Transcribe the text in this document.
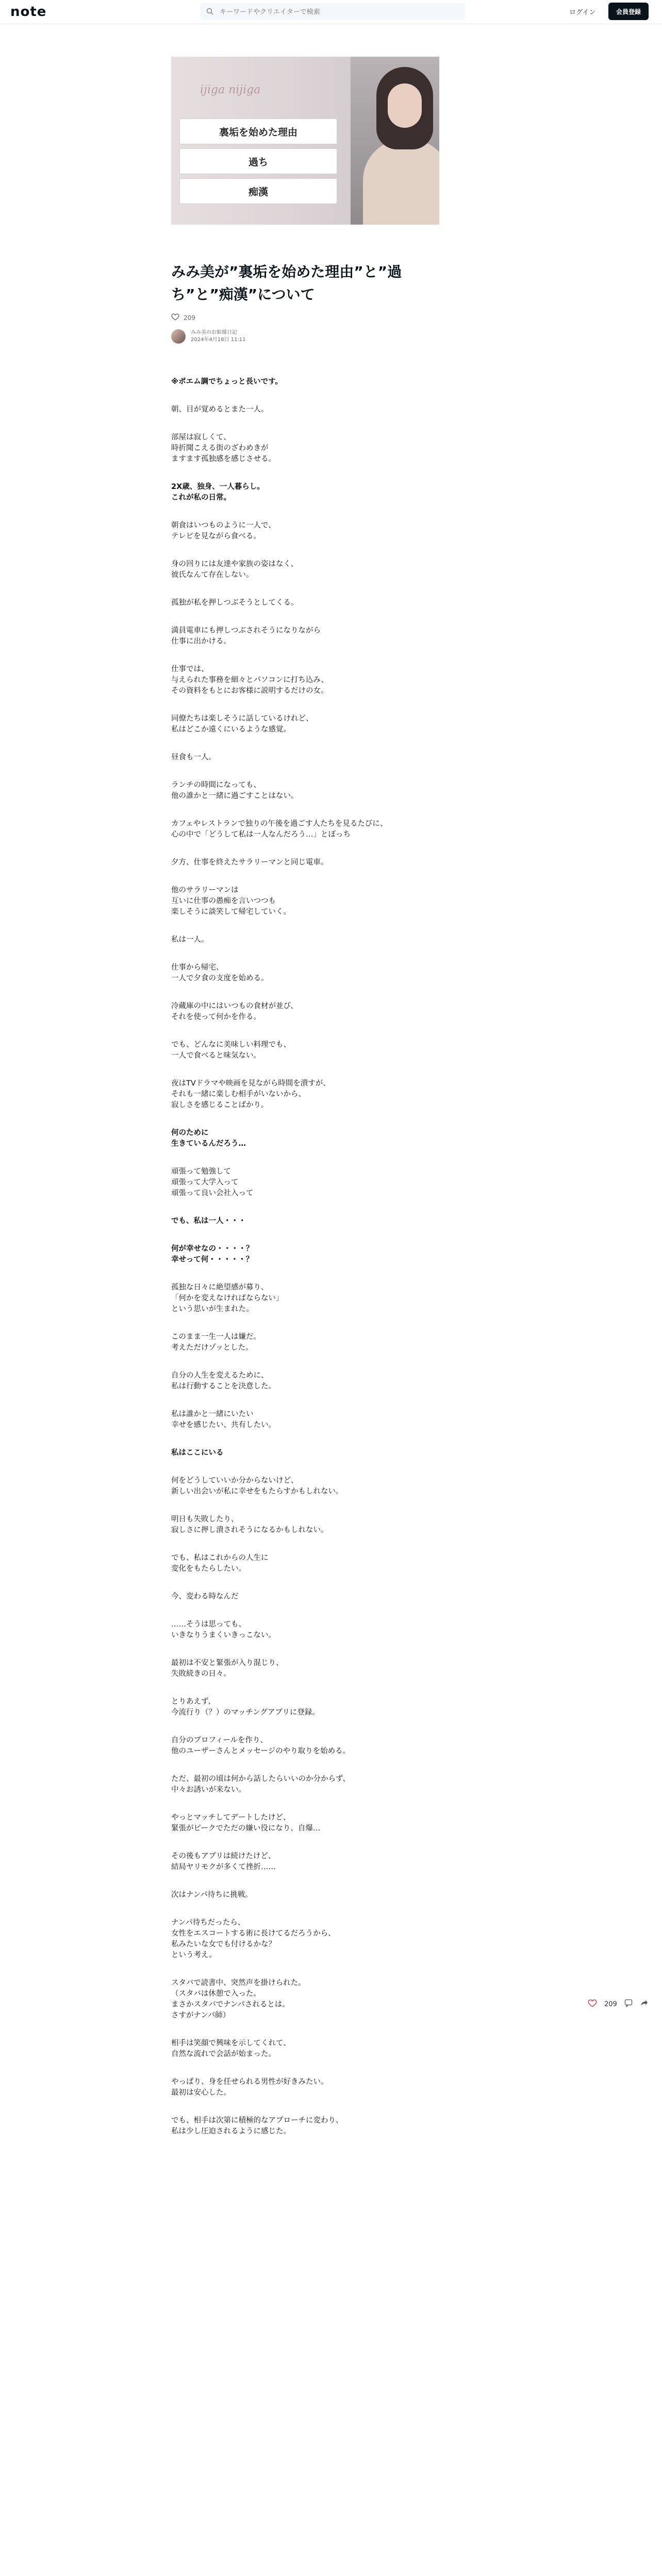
note
キーワードやクリエイターで検索	ログイン	会員登録
ijiga nijiga
裏垢を始めた理由
過ち
痴漢
みみ美が”裏垢を始めた理由”と”過ち”と”痴漢”について
209
みみ美のお姫様日記
2024年4月18日 11:11

※ポエム調でちょっと長いです。

朝、目が覚めるとまた一人。

部屋は寂しくて、
時折聞こえる街のざわめきが
ますます孤独感を感じさせる。

2X歳、独身、一人暮らし。
これが私の日常。

朝食はいつものように一人で、
テレビを見ながら食べる。

身の回りには友達や家族の姿はなく、
彼氏なんて存在しない。

孤独が私を押しつぶそうとしてくる。

満員電車にも押しつぶされそうになりながら
仕事に出かける。

仕事では、
与えられた事務を細々とパソコンに打ち込み、
その資料をもとにお客様に説明するだけの女。

同僚たちは楽しそうに話しているけれど、
私はどこか遠くにいるような感覚。

昼食も一人。

ランチの時間になっても、
他の誰かと一緒に過ごすことはない。

カフェやレストランで独りの午後を過ごす人たちを見るたびに、
心の中で「どうして私は一人なんだろう…」とぼっち

夕方、仕事を終えたサラリーマンと同じ電車。

他のサラリーマンは
互いに仕事の愚痴を言いつつも
楽しそうに談笑して帰宅していく。

私は一人。

仕事から帰宅、
一人で夕食の支度を始める。

冷蔵庫の中にはいつもの食材が並び、
それを使って何かを作る。

でも、どんなに美味しい料理でも、
一人で食べると味気ない。

夜はTVドラマや映画を見ながら時間を潰すが、
それも一緒に楽しむ相手がいないから、
寂しさを感じることばかり。

何のために
生きているんだろう…

頑張って勉強して
頑張って大学入って
頑張って良い会社入って

でも、私は一人・・・

何が幸せなの・・・・？
幸せって何・・・・・？

孤独な日々に絶望感が募り、
「何かを変えなければならない」
という思いが生まれた。

このまま一生一人は嫌だ。
考えただけゾッとした。

自分の人生を変えるために、
私は行動することを決意した。

私は誰かと一緒にいたい
幸せを感じたい、共有したい。

私はここにいる

何をどうしていいか分からないけど、
新しい出会いが私に幸せをもたらすかもしれない。

明日も失敗したり、
寂しさに押し潰されそうになるかもしれない。

でも、私はこれからの人生に
変化をもたらしたい。

今、変わる時なんだ

……そうは思っても、
いきなりうまくいきっこない。

最初は不安と緊張が入り混じり、
失敗続きの日々。

とりあえず、
今流行り（？）のマッチングアプリに登録。

自分のプロフィールを作り、
他のユーザーさんとメッセージのやり取りを始める。

ただ、最初の頃は何から話したらいいのか分からず、
中々お誘いが来ない。

やっとマッチしてデートしたけど、
緊張がピークでただの嫌い役になり、自爆…

その後もアプリは続けたけど、
結局ヤリモクが多くて挫折……

次はナンパ待ちに挑戦。

ナンパ待ちだったら、
女性をエスコートする術に長けてるだろうから、
私みたいな女でも付けるかな？
という考え。

スタバで読書中、突然声を掛けられた。
（スタバは休憩で入った。
まさかスタバでナンパされるとは。
さすがナンパ師）

相手は笑顔で興味を示してくれて、
自然な流れで会話が始まった。

やっぱり、身を任せられる男性が好きみたい。
最初は安心した。

でも、相手は次第に積極的なアプローチに変わり、
私は少し圧迫されるように感じた。

209
